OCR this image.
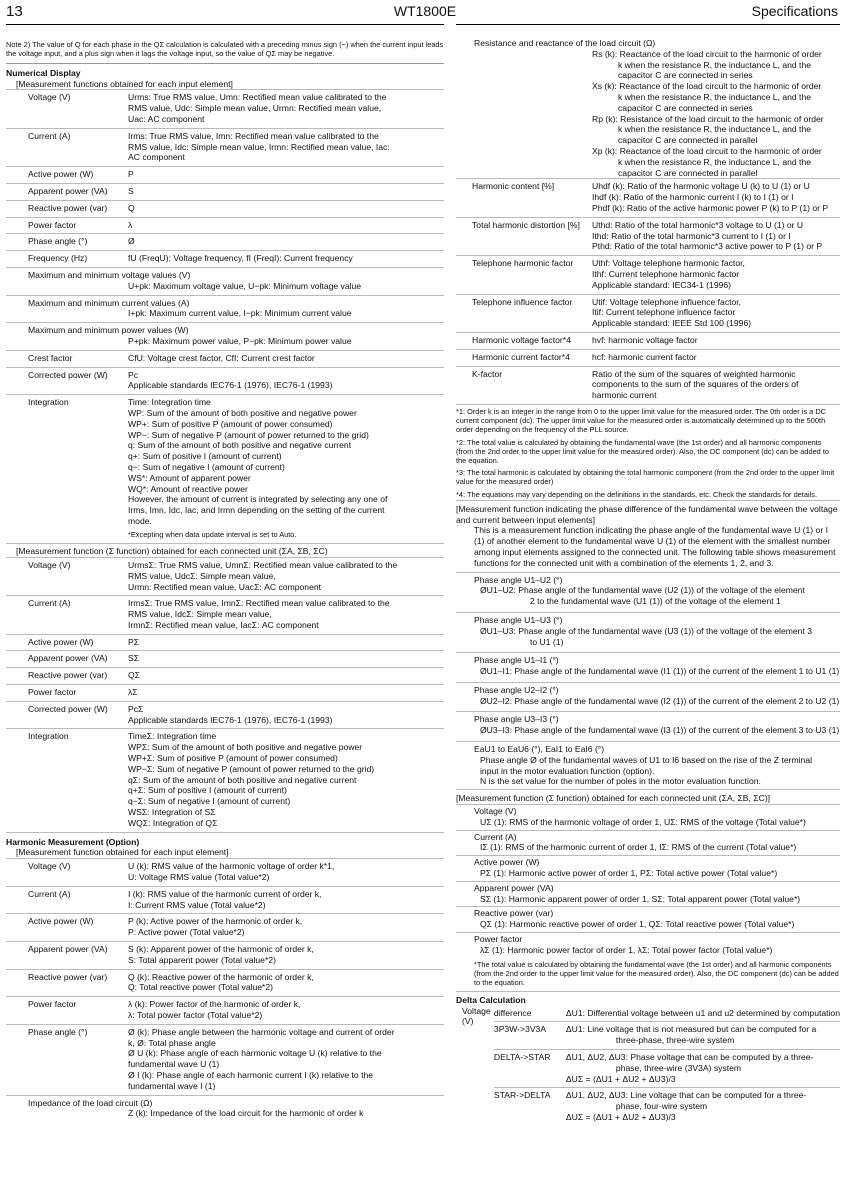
13	WT1800E	Specifications
Note 2) The value of Q for each phase in the QΣ calculation is calculated with a preceding minus sign (−) when the current input leads the voltage input, and a plus sign when it lags the voltage input, so the value of QΣ may be negative.
Numerical Display
[Measurement functions obtained for each input element]
Voltage (V)	Urms: True RMS value, Umn: Rectified mean value calibrated to the
RMS value, Udc: Simple mean value, Urmn: Rectified mean value,
Uac: AC component
Current (A)	Irms: True RMS value, Imn: Rectified mean value calibrated to the
RMS value, Idc: Simple mean value, Irmn: Rectified mean value, Iac:
AC component
Active power (W)	P
Apparent power (VA)	S
Reactive power (var)	Q
Power factor	λ
Phase angle (°)	Ø
Frequency (Hz)	fU (FreqU): Voltage frequency, fI (FreqI): Current frequency
Maximum and minimum voltage values (V)
U+pk: Maximum voltage value, U−pk: Minimum voltage value
Maximum and minimum current values (A)
I+pk: Maximum current value, I−pk: Minimum current value
Maximum and minimum power values (W)
P+pk: Maximum power value, P−pk: Minimum power value
Crest factor	CfU: Voltage crest factor, CfI: Current crest factor
Corrected power (W)	Pc
Applicable standards IEC76-1 (1976), IEC76-1 (1993)
Integration	Time: Integration time
WP: Sum of the amount of both positive and negative power
WP+: Sum of positive P (amount of power consumed)
WP−: Sum of negative P (amount of power returned to the grid)
q: Sum of the amount of both positive and negative current
q+: Sum of positive I (amount of current)
q−: Sum of negative I (amount of current)
WS*: Amount of apparent power
WQ*: Amount of reactive power
However, the amount of current is integrated by selecting any one of
Irms, Imn, Idc, Iac, and Irmn depending on the setting of the current
mode.
*Excepting when data update interval is set to Auto.
[Measurement function (Σ function) obtained for each connected unit (ΣA, ΣB, ΣC)
Voltage (V)	UrmsΣ: True RMS value, UmnΣ: Rectified mean value calibrated to the
RMS value, UdcΣ: Simple mean value,
Urmn: Rectified mean value, UacΣ: AC component
Current (A)	IrmsΣ: True RMS value, ImnΣ: Rectified mean value calibrated to the
RMS value, IdcΣ: Simple mean value,
IrmnΣ: Rectified mean value, IacΣ: AC component
Active power (W)	PΣ
Apparent power (VA)	SΣ
Reactive power (var)	QΣ
Power factor	λΣ
Corrected power (W)	PcΣ
Applicable standards IEC76-1 (1976), IEC76-1 (1993)
Integration	TimeΣ: Integration time
WPΣ: Sum of the amount of both positive and negative power
WP+Σ: Sum of positive P (amount of power consumed)
WP−Σ: Sum of negative P (amount of power returned to the grid)
qΣ: Sum of the amount of both positive and negative current
q+Σ: Sum of positive I (amount of current)
q−Σ: Sum of negative I (amount of current)
WSΣ: Integration of SΣ
WQΣ: Integration of QΣ
Harmonic Measurement (Option)
[Measurement function obtained for each input element]
Voltage (V)	U (k): RMS value of the harmonic voltage of order k*1,
U: Voltage RMS value (Total value*2)
Current (A)	I (k): RMS value of the harmonic current of order k,
I: Current RMS value (Total value*2)
Active power (W)	P (k): Active power of the harmonic of order k,
P: Active power (Total value*2)
Apparent power (VA)	S (k): Apparent power of the harmonic of order k,
S: Total apparent power (Total value*2)
Reactive power (var)	Q (k): Reactive power of the harmonic of order k,
Q: Total reactive power (Total value*2)
Power factor	λ (k): Power factor of the harmonic of order k,
λ: Total power factor (Total value*2)
Phase angle (°)	Ø (k): Phase angle between the harmonic voltage and current of order
k, Ø: Total phase angle
Ø U (k): Phase angle of each harmonic voltage U (k) relative to the
fundamental wave U (1)
Ø I (k): Phase angle of each harmonic current I (k) relative to the
fundamental wave I (1)
Impedance of the load circuit (Ω)
Z (k): Impedance of the load circuit for the harmonic of order k
Resistance and reactance of the load circuit (Ω)
Rs (k): Reactance of the load circuit to the harmonic of order
k when the resistance R, the inductance L, and the
capacitor C are connected in series
Xs (k): Reactance of the load circuit to the harmonic of order
k when the resistance R, the inductance L, and the
capacitor C are connected in series
Rp (k): Resistance of the load circuit to the harmonic of order
k when the resistance R, the inductance L, and the
capacitor C are connected in parallel
Xp (k): Reactance of the load circuit to the harmonic of order
k when the resistance R, the inductance L, and the
capacitor C are connected in parallel
Harmonic content [%]	Uhdf (k): Ratio of the harmonic voltage U (k) to U (1) or U
Ihdf (k): Ratio of the harmonic current I (k) to I (1) or I
Phdf (k): Ratio of the active harmonic power P (k) to P (1) or P
Total harmonic distortion [%]	Uthd: Ratio of the total harmonic*3 voltage to U (1) or U
Ithd: Ratio of the total harmonic*3 current to I (1) or I
Pthd: Ratio of the total harmonic*3 active power to P (1) or P
Telephone harmonic factor	Uthf: Voltage telephone harmonic factor,
Ithf: Current telephone harmonic factor
Applicable standard: IEC34-1 (1996)
Telephone influence factor	Utif: Voltage telephone influence factor,
Itif: Current telephone influence factor
Applicable standard: IEEE Std 100 (1996)
Harmonic voltage factor*4	hvf: harmonic voltage factor
Harmonic current factor*4	hcf: harmonic current factor
K-factor	Ratio of the sum of the squares of weighted harmonic
components to the sum of the squares of the orders of
harmonic current
*1: Order k is an integer in the range from 0 to the upper limit value for the measured order. The 0th order is a DC current component (dc). The upper limit value for the measured order is automatically determined up to the 500th order depending on the frequency of the PLL source.
*2: The total value is calculated by obtaining the fundamental wave (the 1st order) and all harmonic components (from the 2nd order to the upper limit value for the measured order). Also, the DC component (dc) can be added to the equation.
*3: The total harmonic is calculated by obtaining the total harmonic component (from the 2nd order to the upper limit value for the measured order)
*4: The equations may vary depending on the definitions in the standards, etc. Check the standards for details.
[Measurement function indicating the phase difference of the fundamental wave between the voltage and current between input elements]
This is a measurement function indicating the phase angle of the fundamental wave U (1) or I (1) of another element to the fundamental wave U (1) of the element with the smallest number among input elements assigned to the connected unit. The following table shows measurement functions for the connected unit with a combination of the elements 1, 2, and 3.
Phase angle U1–U2 (°)
ØU1–U2: Phase angle of the fundamental wave (U2 (1)) of the voltage of the element
2 to the fundamental wave (U1 (1)) of the voltage of the element 1
Phase angle U1–U3 (°)
ØU1–U3: Phase angle of the fundamental wave (U3 (1)) of the voltage of the element 3
to U1 (1)
Phase angle U1–I1 (°)
ØU1–I1: Phase angle of the fundamental wave (I1 (1)) of the current of the element 1 to U1 (1)
Phase angle U2–I2 (°)
ØU2–I2: Phase angle of the fundamental wave (I2 (1)) of the current of the element 2 to U2 (1)
Phase angle U3–I3 (°)
ØU3–I3: Phase angle of the fundamental wave (I3 (1)) of the current of the element 3 to U3 (1)
EaU1 to EaU6 (°), EaI1 to EaI6 (°)
Phase angle Ø of the fundamental waves of U1 to I6 based on the rise of the Z terminal
input in the motor evaluation function (option).
N is the set value for the number of poles in the motor evaluation function.
[Measurement function (Σ function) obtained for each connected unit (ΣA, ΣB, ΣC)]
Voltage (V)
UΣ (1): RMS of the harmonic voltage of order 1, UΣ: RMS of the voltage (Total value*)
Current (A)
IΣ (1): RMS of the harmonic current of order 1, IΣ: RMS of the current (Total value*)
Active power (W)
PΣ (1): Harmonic active power of order 1, PΣ: Total active power (Total value*)
Apparent power (VA)
SΣ (1): Harmonic apparent power of order 1, SΣ: Total apparent power (Total value*)
Reactive power (var)
QΣ (1): Harmonic reactive power of order 1, QΣ: Total reactive power (Total value*)
Power factor
λΣ (1): Harmonic power factor of order 1, λΣ: Total power factor (Total value*)
*The total value is calculated by obtaining the fundamental wave (the 1st order) and all harmonic components (from the 2nd order to the upper limit value for the measured order). Also, the DC component (dc) can be added to the equation.
Delta Calculation
Voltage (V)
difference	ΔU1: Differential voltage between u1 and u2 determined by computation
3P3W->3V3A	ΔU1: Line voltage that is not measured but can be computed for a
three-phase, three-wire system
DELTA->STAR	ΔU1, ΔU2, ΔU3: Phase voltage that can be computed by a three-
phase, three-wire (3V3A) system
ΔUΣ = (ΔU1 + ΔU2 + ΔU3)/3
STAR->DELTA	ΔU1, ΔU2, ΔU3: Line voltage that can be computed for a three-
phase, four-wire system
ΔUΣ = (ΔU1 + ΔU2 + ΔU3)/3
